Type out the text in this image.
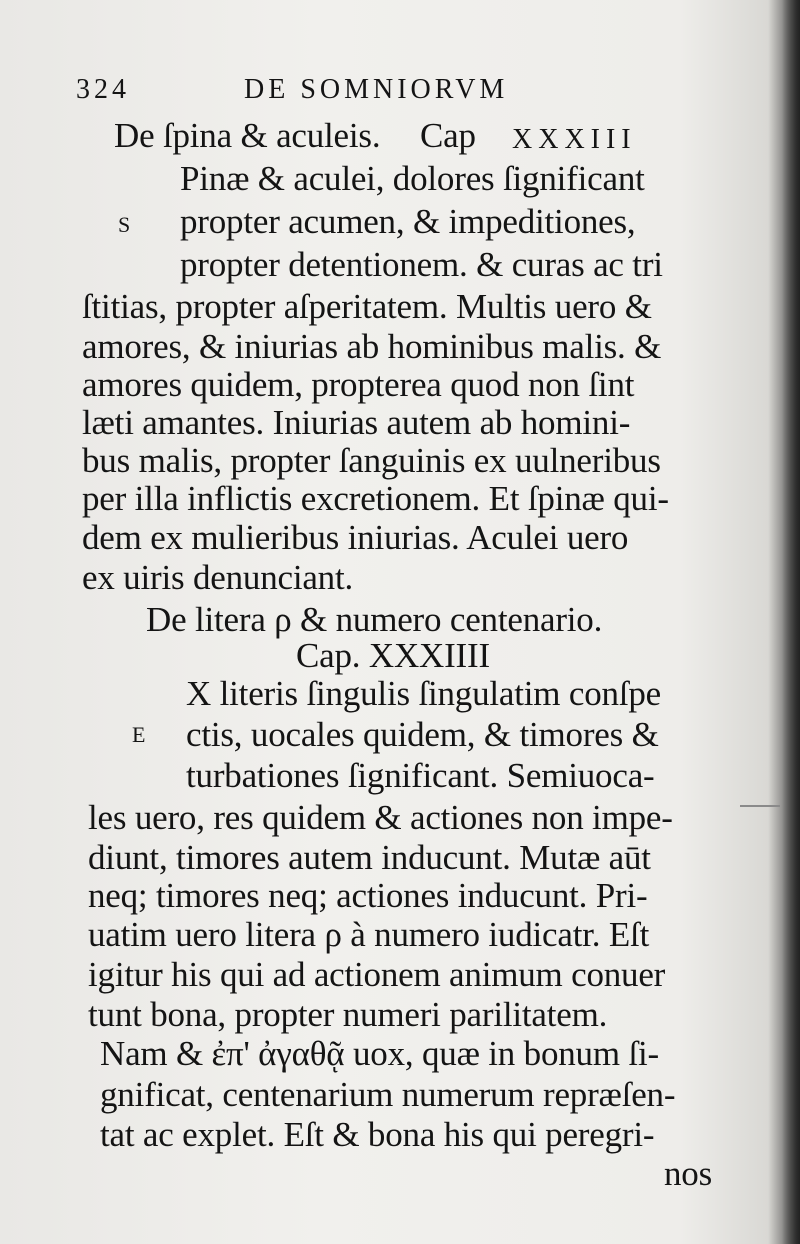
324	DE SOMNIORVM
De ſpina & aculeis. Cap XXXIII
S
Pinæ & aculei, dolores ſignificant
propter acumen, & impeditiones,
propter detentionem. & curas ac tri
ſtitias, propter aſperitatem. Multis uero &
amores, & iniurias ab hominibus malis. &
amores quidem, propterea quod non ſint
læti amantes. Iniurias autem ab homini-
bus malis, propter ſanguinis ex uulneribus
per illa inflictis excretionem. Et ſpinæ qui-
dem ex mulieribus iniurias. Aculei uero
ex uiris denunciant.
De litera ρ & numero centenario.
Cap. XXXIIII
E
X literis ſingulis ſingulatim conſpe
ctis, uocales quidem, & timores &
turbationes ſignificant. Semiuoca-
les uero, res quidem & actiones non impe-
diunt, timores autem inducunt. Mutæ aūt
neq; timores neq; actiones inducunt. Pri-
uatim uero litera ρ à numero iudicatr. Eſt
igitur his qui ad actionem animum conuer
tunt bona, propter numeri parilitatem.
Nam & ἐπ' ἀγαθᾷ uox, quæ in bonum ſi-
gnificat, centenarium numerum repræſen-
tat ac explet. Eſt & bona his qui peregri-
nos
